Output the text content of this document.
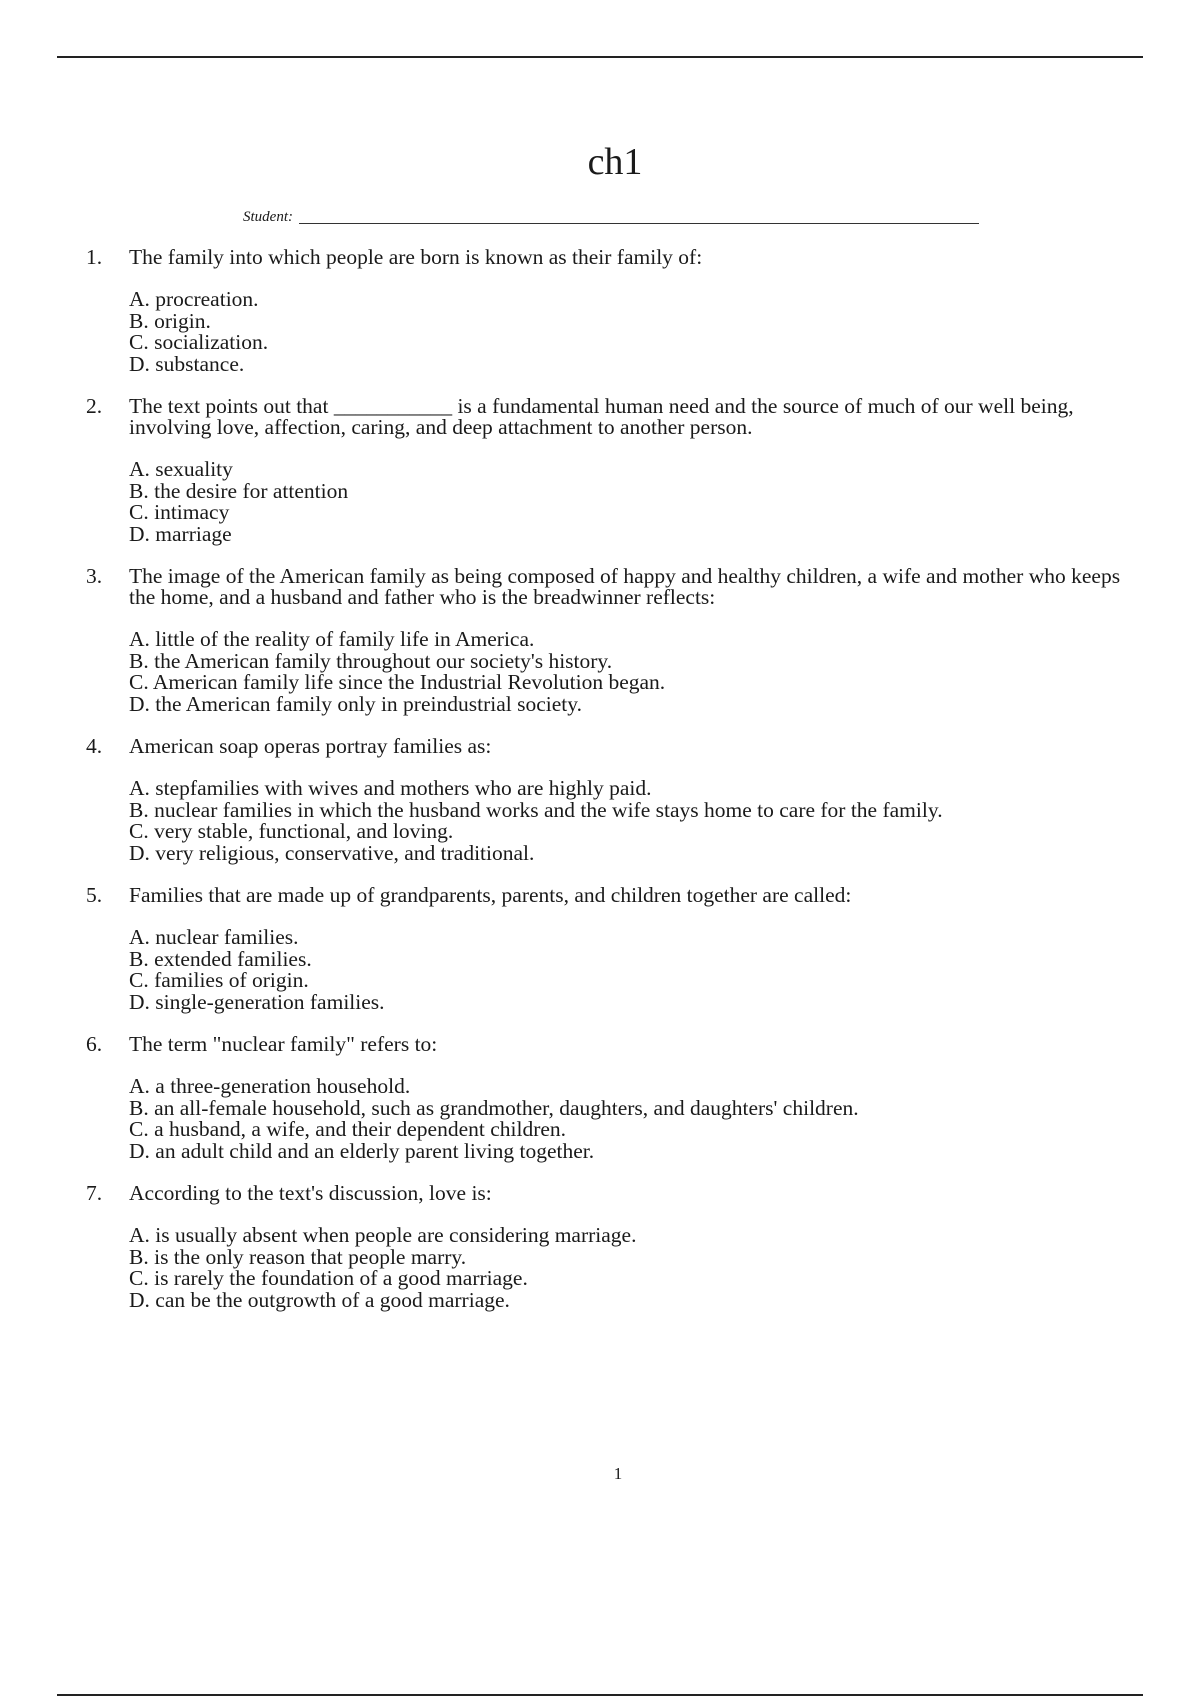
ch1
Student:
1.	The family into which people are born is known as their family of:
A. procreation.
B. origin.
C. socialization.
D. substance.
2.	The text points out that ___________ is a fundamental human need and the source of much of our well being, involving love, affection, caring, and deep attachment to another person.
A. sexuality
B. the desire for attention
C. intimacy
D. marriage
3.	The image of the American family as being composed of happy and healthy children, a wife and mother who keeps the home, and a husband and father who is the breadwinner reflects:
A. little of the reality of family life in America.
B. the American family throughout our society's history.
C. American family life since the Industrial Revolution began.
D. the American family only in preindustrial society.
4.	American soap operas portray families as:
A. stepfamilies with wives and mothers who are highly paid.
B. nuclear families in which the husband works and the wife stays home to care for the family.
C. very stable, functional, and loving.
D. very religious, conservative, and traditional.
5.	Families that are made up of grandparents, parents, and children together are called:
A. nuclear families.
B. extended families.
C. families of origin.
D. single-generation families.
6.	The term "nuclear family" refers to:
A. a three-generation household.
B. an all-female household, such as grandmother, daughters, and daughters' children.
C. a husband, a wife, and their dependent children.
D. an adult child and an elderly parent living together.
7.	According to the text's discussion, love is:
A. is usually absent when people are considering marriage.
B. is the only reason that people marry.
C. is rarely the foundation of a good marriage.
D. can be the outgrowth of a good marriage.
1
